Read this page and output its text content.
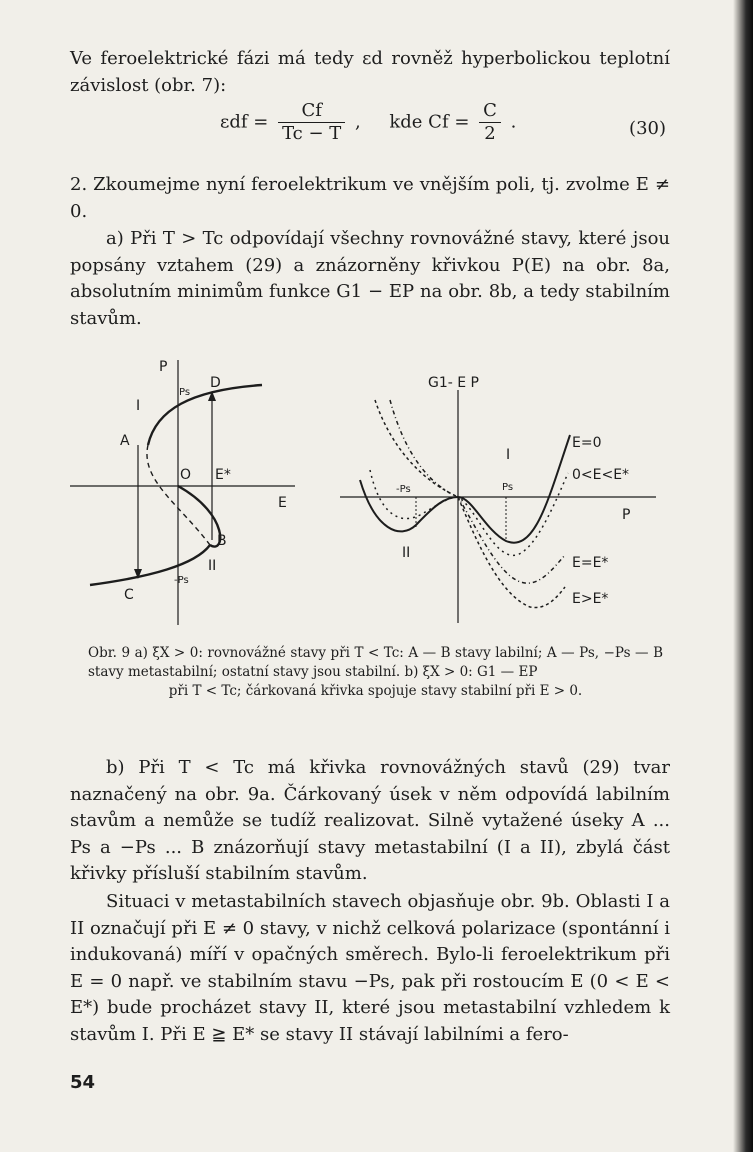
Ve feroelektrické fázi má tedy εd rovněž hyperbolickou teplotní závislost (obr. 7):

$\varepsilon df = \frac{Cf}{Tc - T}$ ,     kde $Cf = \frac{C}{2}$ .	(30)

2. Zkoumejme nyní feroelektrikum ve vnějším poli, tj. zvolme E ≠ 0.

a) Při T > Tc odpovídají všechny rovnovážné stavy, které jsou popsány vztahem (29) a znázorněny křivkou P(E) na obr. 8a, absolutním minimům funkce G1 − EP na obr. 8b, a tedy stabilním stavům.

P
E
O
A
B
C
D
I
II
Ps
-Ps
E*
G1- E P
P
I
II
Ps
-Ps
E=0
0<E<E*
E=E*
E>E*

Obr. 9 a) ξX > 0: rovnovážné stavy při T < Tc: A — B stavy labilní; A — Ps, −Ps — B stavy metastabilní; ostatní stavy jsou stabilní. b) ξX > 0: G1 — EP

při T < Tc; čárkovaná křivka spojuje stavy stabilní při E > 0.

b) Při T < Tc má křivka rovnovážných stavů (29) tvar naznačený na obr. 9a. Čárkovaný úsek v něm odpovídá labilním stavům a nemůže se tudíž realizovat. Silně vytažené úseky A ... Ps a −Ps ... B znázorňují stavy metastabilní (I a II), zbylá část křivky přísluší stabilním stavům.

Situaci v metastabilních stavech objasňuje obr. 9b. Oblasti I a II označují při E ≠ 0 stavy, v nichž celková polarizace (spontánní i indukovaná) míří v opačných směrech. Bylo-li feroelektrikum při E = 0 např. ve stabilním stavu −Ps, pak při rostoucím E (0 < E < E*) bude procházet stavy II, které jsou metastabilní vzhledem k stavům I. Při E ≧ E* se stavy II stávají labilními a fero-

54
